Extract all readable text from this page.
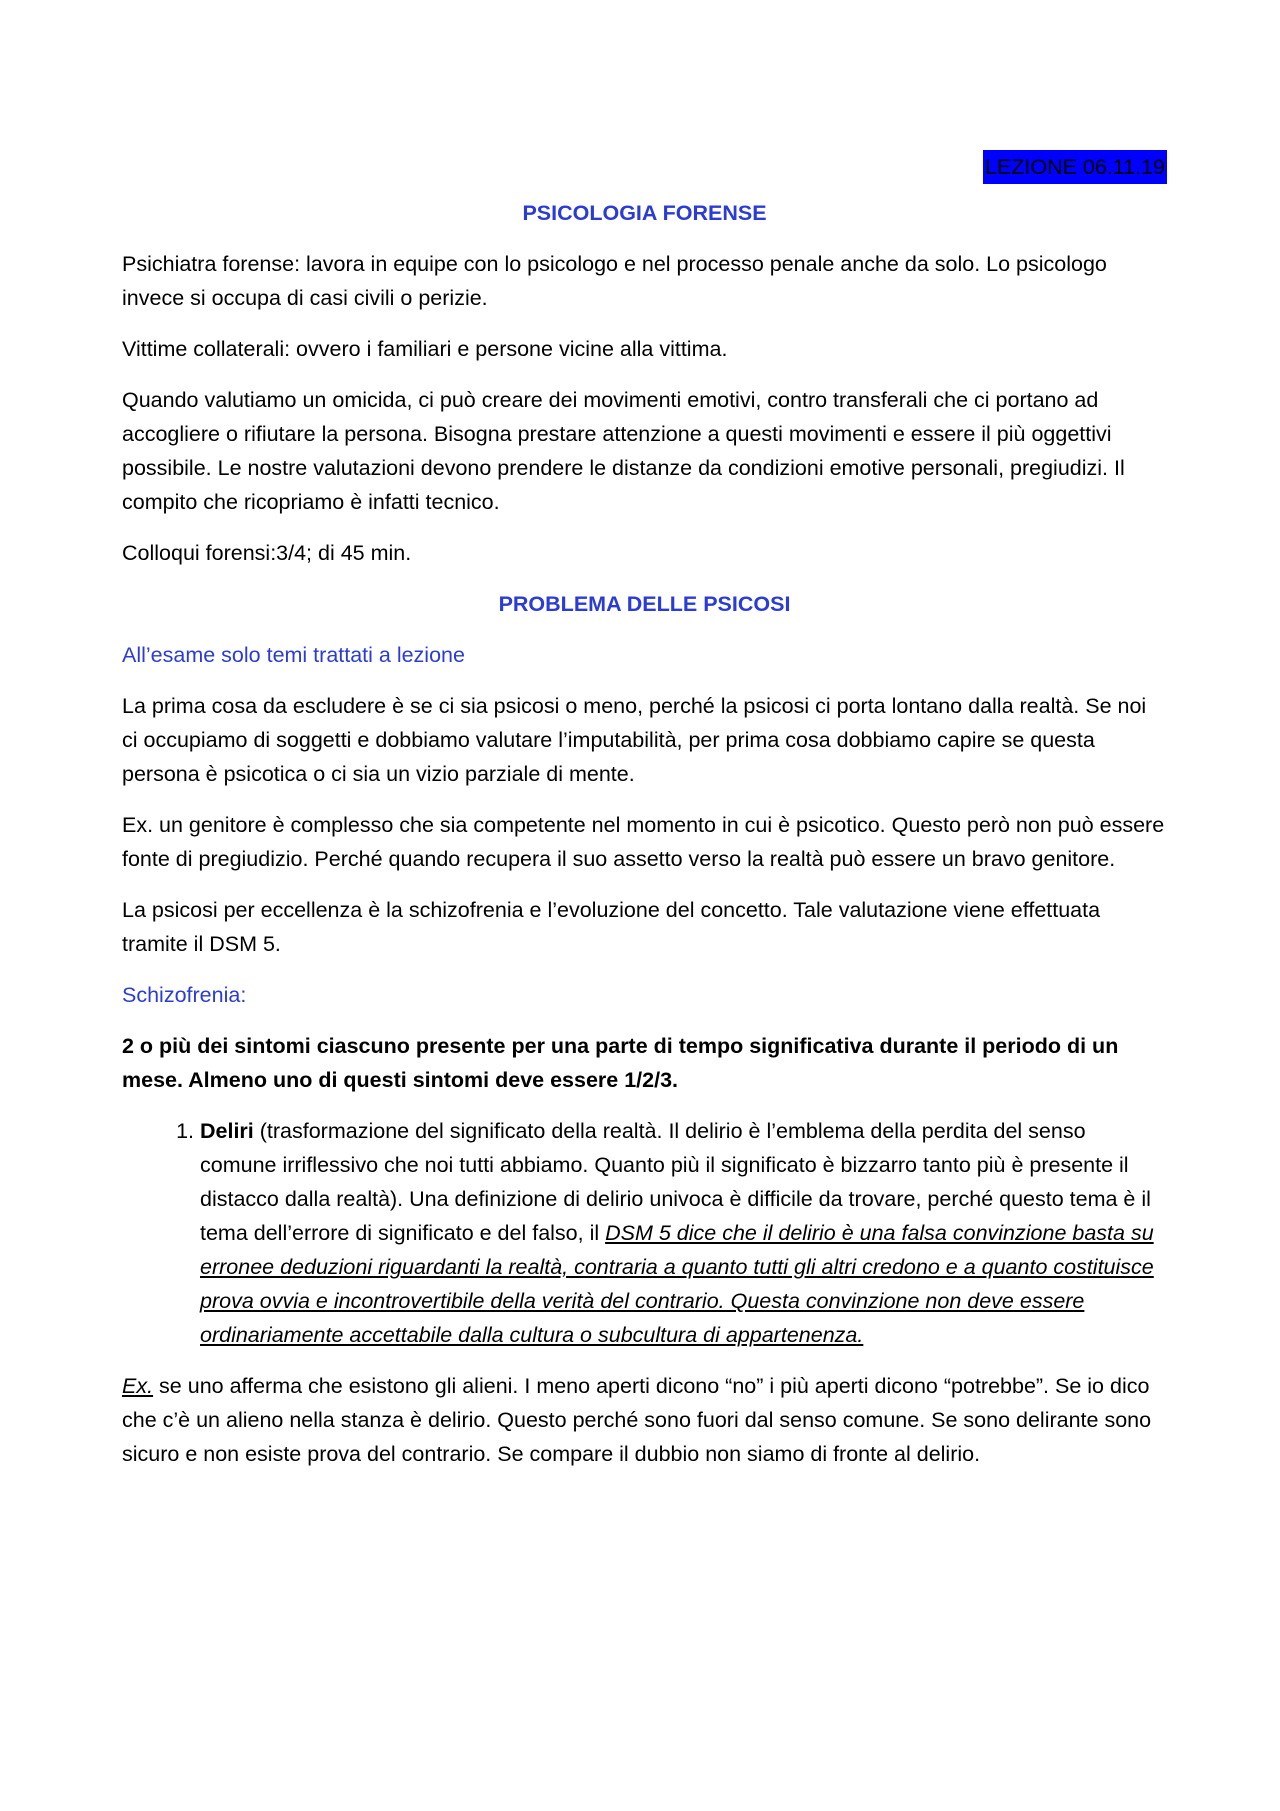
LEZIONE 06.11.19
PSICOLOGIA FORENSE

Psichiatra forense: lavora in equipe con lo psicologo e nel processo penale anche da solo. Lo psicologo invece si occupa di casi civili o perizie.

Vittime collaterali: ovvero i familiari e persone vicine alla vittima.

Quando valutiamo un omicida, ci può creare dei movimenti emotivi, contro transferali che ci portano ad accogliere o rifiutare la persona. Bisogna prestare attenzione a questi movimenti e essere il più oggettivi possibile. Le nostre valutazioni devono prendere le distanze da condizioni emotive personali, pregiudizi. Il compito che ricopriamo è infatti tecnico.

Colloqui forensi:3/4; di 45 min.

PROBLEMA DELLE PSICOSI

All’esame solo temi trattati a lezione

La prima cosa da escludere è se ci sia psicosi o meno, perché la psicosi ci porta lontano dalla realtà. Se noi ci occupiamo di soggetti e dobbiamo valutare l’imputabilità, per prima cosa dobbiamo capire se questa persona è psicotica o ci sia un vizio parziale di mente.

Ex. un genitore è complesso che sia competente nel momento in cui è psicotico. Questo però non può essere fonte di pregiudizio. Perché quando recupera il suo assetto verso la realtà può essere un bravo genitore.

La psicosi per eccellenza è la schizofrenia e l’evoluzione del concetto. Tale valutazione viene effettuata tramite il DSM 5.

Schizofrenia:

2 o più dei sintomi ciascuno presente per una parte di tempo significativa durante il periodo di un mese. Almeno uno di questi sintomi deve essere 1/2/3.

1. Deliri (trasformazione del significato della realtà. Il delirio è l’emblema della perdita del senso comune irriflessivo che noi tutti abbiamo. Quanto più il significato è bizzarro tanto più è presente il distacco dalla realtà). Una definizione di delirio univoca è difficile da trovare, perché questo tema è il tema dell’errore di significato e del falso, il DSM 5 dice che il delirio è una falsa convinzione basta su erronee deduzioni riguardanti la realtà, contraria a quanto tutti gli altri credono e a quanto costituisce prova ovvia e incontrovertibile della verità del contrario. Questa convinzione non deve essere ordinariamente accettabile dalla cultura o subcultura di appartenenza.

Ex. se uno afferma che esistono gli alieni. I meno aperti dicono “no” i più aperti dicono “potrebbe”. Se io dico che c’è un alieno nella stanza è delirio. Questo perché sono fuori dal senso comune. Se sono delirante sono sicuro e non esiste prova del contrario. Se compare il dubbio non siamo di fronte al delirio.
